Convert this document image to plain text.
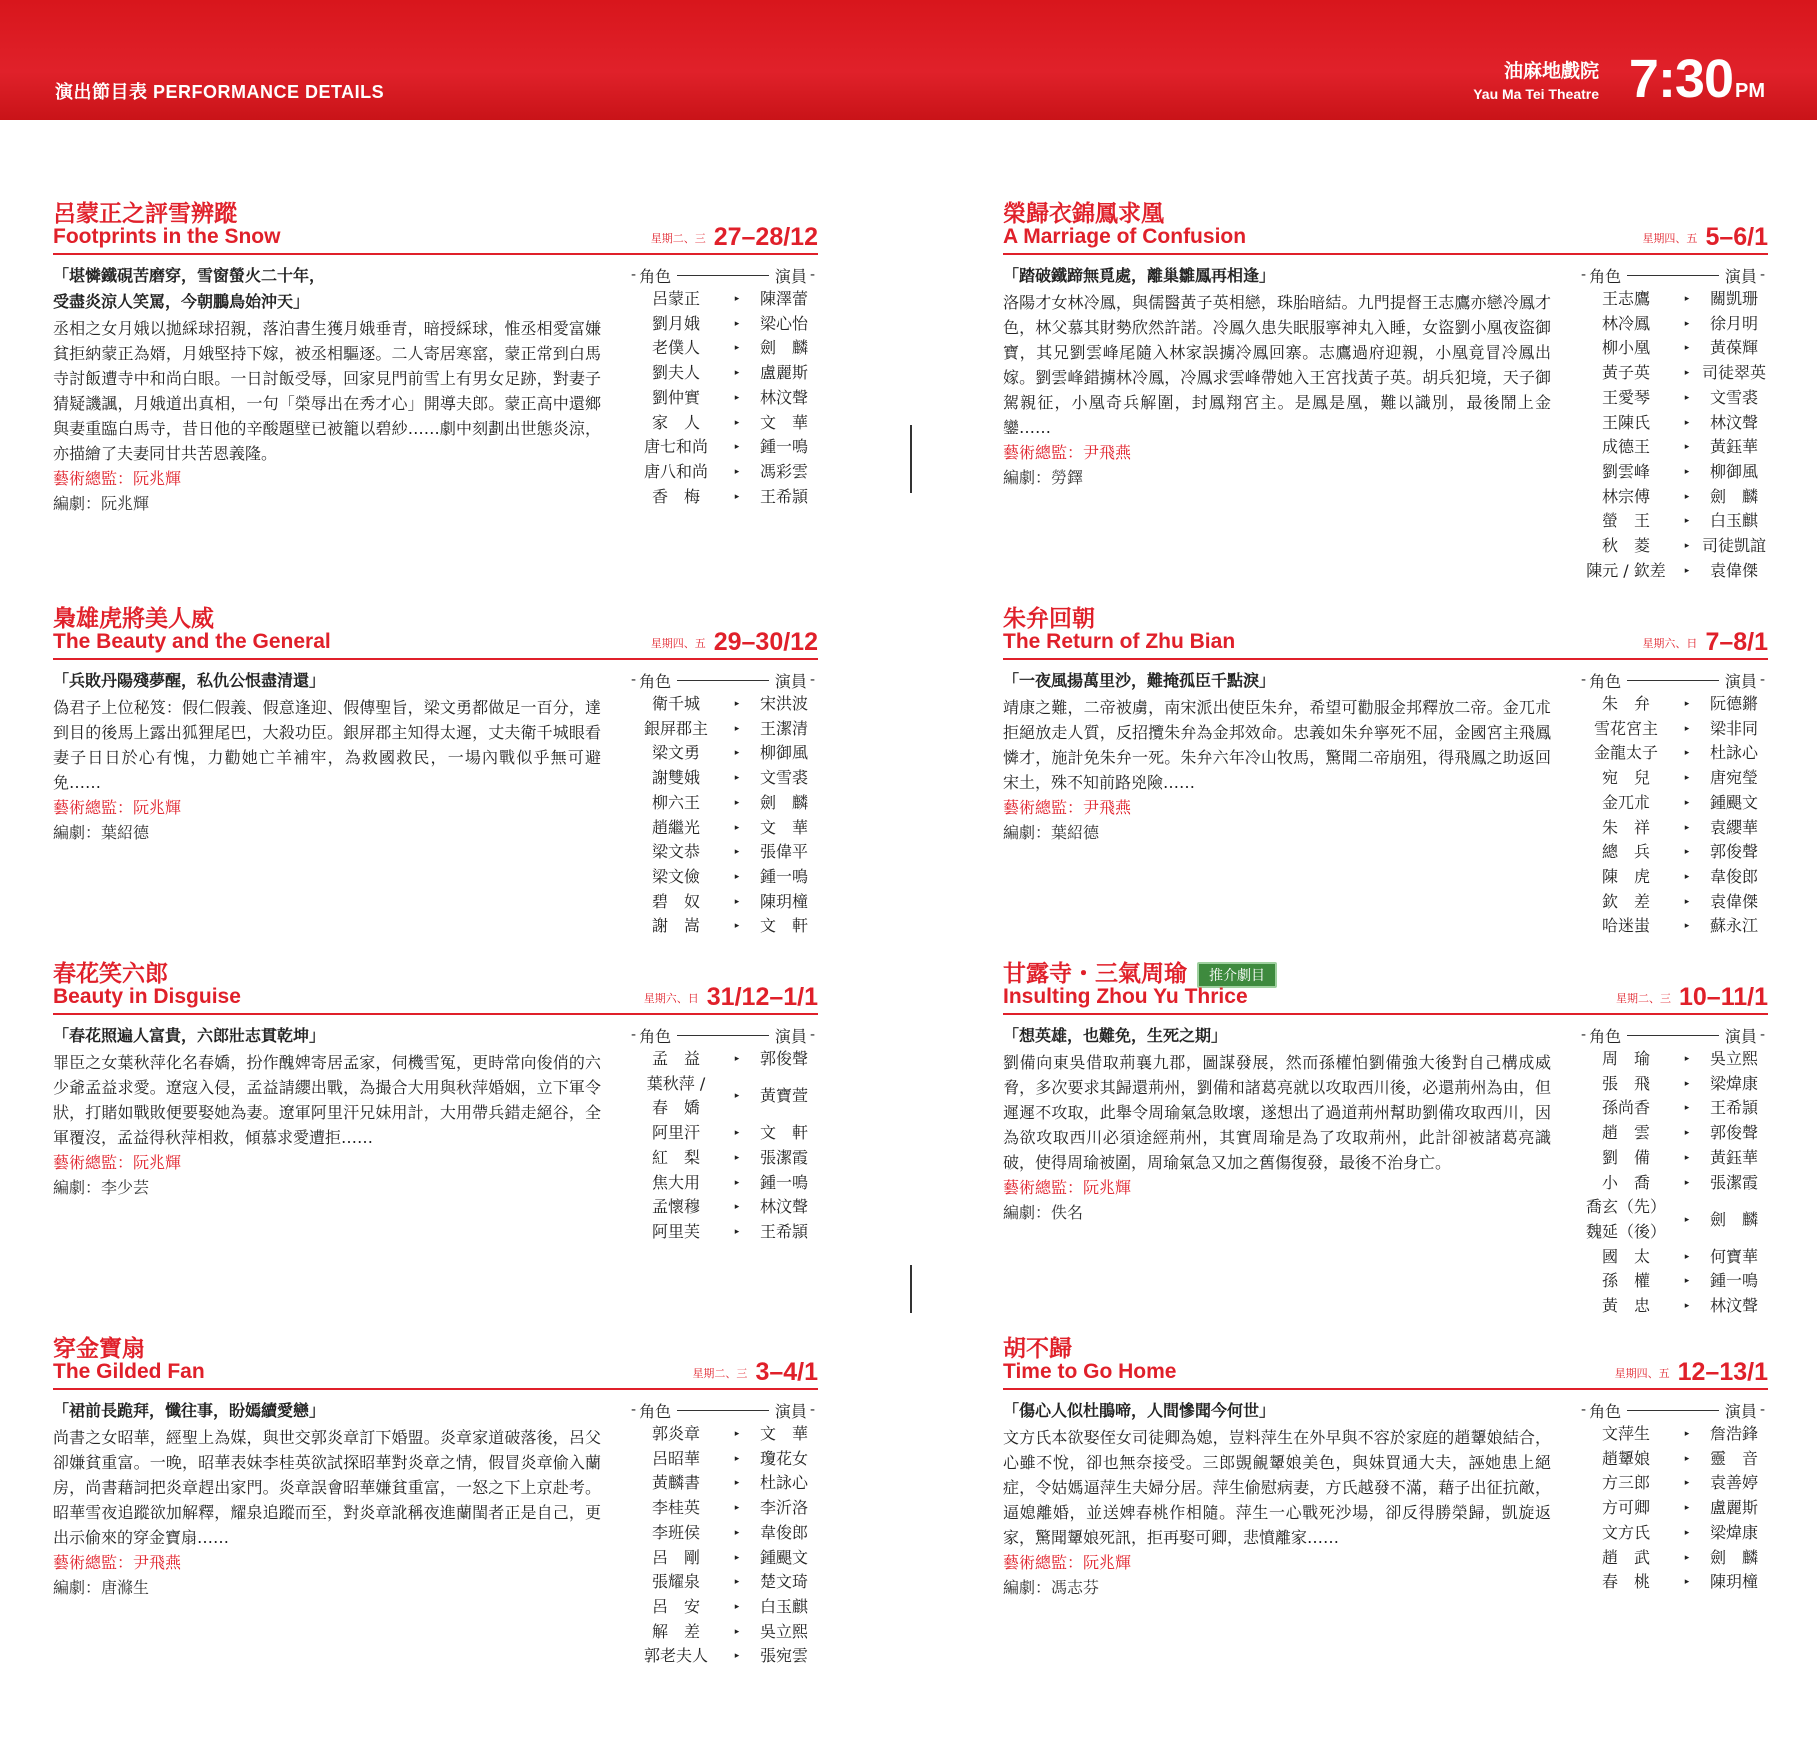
演出節目表 PERFORMANCE DETAILS
油麻地戲院
Yau Ma Tei Theatre 7:30 PM
呂蒙正之評雪辨蹤
Footprints in the Snow	星期二、三 27–28/12
「堪憐鐵硯苦磨穿，雪窗螢火二十年，
受盡炎涼人笑罵，今朝鵬鳥始沖天」
丞相之女月娥以拋綵球招親，落泊書生獲月娥垂青，暗授綵球，惟丞相愛富嫌貧拒納蒙正為婿，月娥堅持下嫁，被丞相驅逐。二人寄居寒窰，蒙正常到白馬寺討飯遭寺中和尚白眼。一日討飯受辱，回家見門前雪上有男女足跡，對妻子猜疑譏諷，月娥道出真相，一句「榮辱出在秀才心」開導夫郎。蒙正高中還鄉與妻重臨白馬寺，昔日他的辛酸題壁已被籠以碧紗……劇中刻劃出世態炎涼，亦描繪了夫妻同甘共苦恩義隆。
藝術總監：阮兆輝
編劇：阮兆輝
- 角色	演員 -
呂蒙正	▸	陳澤蕾
劉月娥	▸	梁心怡
老僕人	▸	劍　麟
劉夫人	▸	盧麗斯
劉仲實	▸	林汶聲
家　人	▸	文　華
唐七和尚	▸	鍾一鳴
唐八和尚	▸	馮彩雲
香　梅	▸	王希頴
梟雄虎將美人威
The Beauty and the General	星期四、五 29–30/12
「兵敗丹陽殘夢醒，私仇公恨盡清還」
偽君子上位秘笈：假仁假義、假意逢迎、假傳聖旨，梁文勇都做足一百分，達到目的後馬上露出狐狸尾巴，大殺功臣。銀屏郡主知得太遲，丈夫衛千城眼看妻子日日於心有愧，力勸她亡羊補牢，為救國救民，一場內戰似乎無可避免……
藝術總監：阮兆輝
編劇：葉紹德
- 角色	演員 -
衛千城	▸	宋洪波
銀屏郡主	▸	王潔清
梁文勇	▸	柳御風
謝雙娥	▸	文雪裘
柳六王	▸	劍　麟
趙繼光	▸	文　華
梁文恭	▸	張偉平
梁文儉	▸	鍾一鳴
碧　奴	▸	陳玥橦
謝　嵩	▸	文　軒
春花笑六郎
Beauty in Disguise	星期六、日 31/12–1/1
「春花照遍人富貴，六郎壯志貫乾坤」
罪臣之女葉秋萍化名春嬌，扮作醜婢寄居孟家，伺機雪冤，更時常向俊俏的六少爺孟益求愛。遼寇入侵，孟益請纓出戰，為撮合大用與秋萍婚姻，立下軍令狀，打賭如戰敗便要娶她為妻。遼軍阿里汗兄妹用計，大用帶兵錯走絕谷，全軍覆沒，孟益得秋萍相救，傾慕求愛遭拒……
藝術總監：阮兆輝
編劇：李少芸
- 角色	演員 -
孟　益	▸	郭俊聲
葉秋萍 /
春　嬌
▸	黃寶萱
阿里汗	▸	文　軒
紅　梨	▸	張潔霞
焦大用	▸	鍾一鳴
孟懷穆	▸	林汶聲
阿里芙	▸	王希頴
穿金寶扇
The Gilded Fan	星期二、三 3–4/1
「裙前長跪拜，懺往事，盼嫣續愛戀」
尚書之女昭華，經聖上為媒，與世交郭炎章訂下婚盟。炎章家道破落後，呂父卻嫌貧重富。一晚，昭華表妹李桂英欲試探昭華對炎章之情，假冒炎章偷入蘭房，尚書藉詞把炎章趕出家門。炎章誤會昭華嫌貧重富，一怒之下上京赴考。昭華雪夜追蹤欲加解釋，耀泉追蹤而至，對炎章訛稱夜進蘭閨者正是自己，更出示偷來的穿金寶扇……
藝術總監：尹飛燕
編劇：唐滌生
- 角色	演員 -
郭炎章	▸	文　華
呂昭華	▸	瓊花女
黃麟書	▸	杜詠心
李桂英	▸	李沂洛
李班侯	▸	韋俊郎
呂　剛	▸	鍾颶文
張耀泉	▸	楚文琦
呂　安	▸	白玉麒
解　差	▸	吳立熙
郭老夫人	▸	張宛雲
榮歸衣錦鳳求凰
A Marriage of Confusion	星期四、五 5–6/1
「踏破鐵蹄無覓處，離巢雛鳳再相逢」
洛陽才女林冷鳳，與儒醫黃子英相戀，珠胎暗結。九門提督王志鷹亦戀冷鳳才色，林父慕其財勢欣然許諾。冷鳳久患失眠服寧神丸入睡，女盜劉小凰夜盜御寶，其兄劉雲峰尾隨入林家誤擄冷鳳回寨。志鷹過府迎親，小凰竟冒冷鳳出嫁。劉雲峰錯擄林冷鳳，冷鳳求雲峰帶她入王宮找黃子英。胡兵犯境，天子御駕親征，小凰奇兵解圍，封鳳翔宮主。是鳳是凰，難以識別，最後鬧上金鑾……
藝術總監：尹飛燕
編劇：勞鐸
- 角色	演員 -
王志鷹	▸	關凱珊
林冷鳳	▸	徐月明
柳小凰	▸	黃葆輝
黃子英	▸ 司徒翠英
王愛琴	▸	文雪裘
王陳氏	▸	林汶聲
成德王	▸	黃鈺華
劉雲峰	▸	柳御風
林宗傅	▸	劍　麟
螢　王	▸	白玉麒
秋　菱	▸ 司徒凱誼
陳元 / 欽差	▸	袁偉傑
朱弁回朝
The Return of Zhu Bian	星期六、日 7–8/1
「一夜風揚萬里沙，難掩孤臣千點淚」
靖康之難，二帝被虜，南宋派出使臣朱弁，希望可勸服金邦釋放二帝。金兀朮拒絕放走人質，反招攬朱弁為金邦效命。忠義如朱弁寧死不屈，金國宮主飛鳳憐才，施計免朱弁一死。朱弁六年冷山牧馬，驚聞二帝崩殂，得飛鳳之助返回宋土，殊不知前路兇險……
藝術總監：尹飛燕
編劇：葉紹德
- 角色	演員 -
朱　弁	▸	阮德鏘
雪花宮主	▸	梁非同
金龍太子	▸	杜詠心
宛　兒	▸	唐宛瑩
金兀朮	▸	鍾颶文
朱　祥	▸	袁纓華
總　兵	▸	郭俊聲
陳　虎	▸	韋俊郎
欽　差	▸	袁偉傑
哈迷蚩	▸	蘇永江
甘露寺・三氣周瑜 推介劇目
Insulting Zhou Yu Thrice	星期二、三 10–11/1
「想英雄，也難免，生死之期」
劉備向東吳借取荊襄九郡，圖謀發展，然而孫權怕劉備強大後對自己構成威脅，多次要求其歸還荊州，劉備和諸葛亮就以攻取西川後，必還荊州為由，但遲遲不攻取，此舉令周瑜氣急敗壞，遂想出了過道荊州幫助劉備攻取西川，因為欲攻取西川必須途經荊州，其實周瑜是為了攻取荊州，此計卻被諸葛亮識破，使得周瑜被圍，周瑜氣急又加之舊傷復發，最後不治身亡。
藝術總監：阮兆輝
編劇：佚名
- 角色	演員 -
周　瑜	▸	吳立熙
張　飛	▸	梁煒康
孫尚香	▸	王希頴
趙　雲	▸	郭俊聲
劉　備	▸	黃鈺華
小　喬	▸	張潔霞
喬玄（先）
魏延（後）
▸	劍　麟
國　太	▸	何寶華
孫　權	▸	鍾一鳴
黃　忠	▸	林汶聲
胡不歸
Time to Go Home	星期四、五 12–13/1
「傷心人似杜鵑啼，人間慘聞今何世」
文方氏本欲娶侄女司徒卿為媳，豈料萍生在外早與不容於家庭的趙顰娘結合，心雖不悅，卻也無奈接受。三郎覬覦顰娘美色，與妹買通大夫，誣她患上絕症，令姑媽逼萍生夫婦分居。萍生偷慰病妻，方氏越發不滿，藉子出征抗敵，逼媳離婚，並送婢春桃作相隨。萍生一心戰死沙場，卻反得勝榮歸，凱旋返家，驚聞顰娘死訊，拒再娶可卿，悲憤離家……
藝術總監：阮兆輝
編劇：馮志芬
- 角色	演員 -
文萍生	▸	詹浩鋒
趙顰娘	▸	靈　音
方三郎	▸	袁善婷
方可卿	▸	盧麗斯
文方氏	▸	梁煒康
趙　武	▸	劍　麟
春　桃	▸	陳玥橦
